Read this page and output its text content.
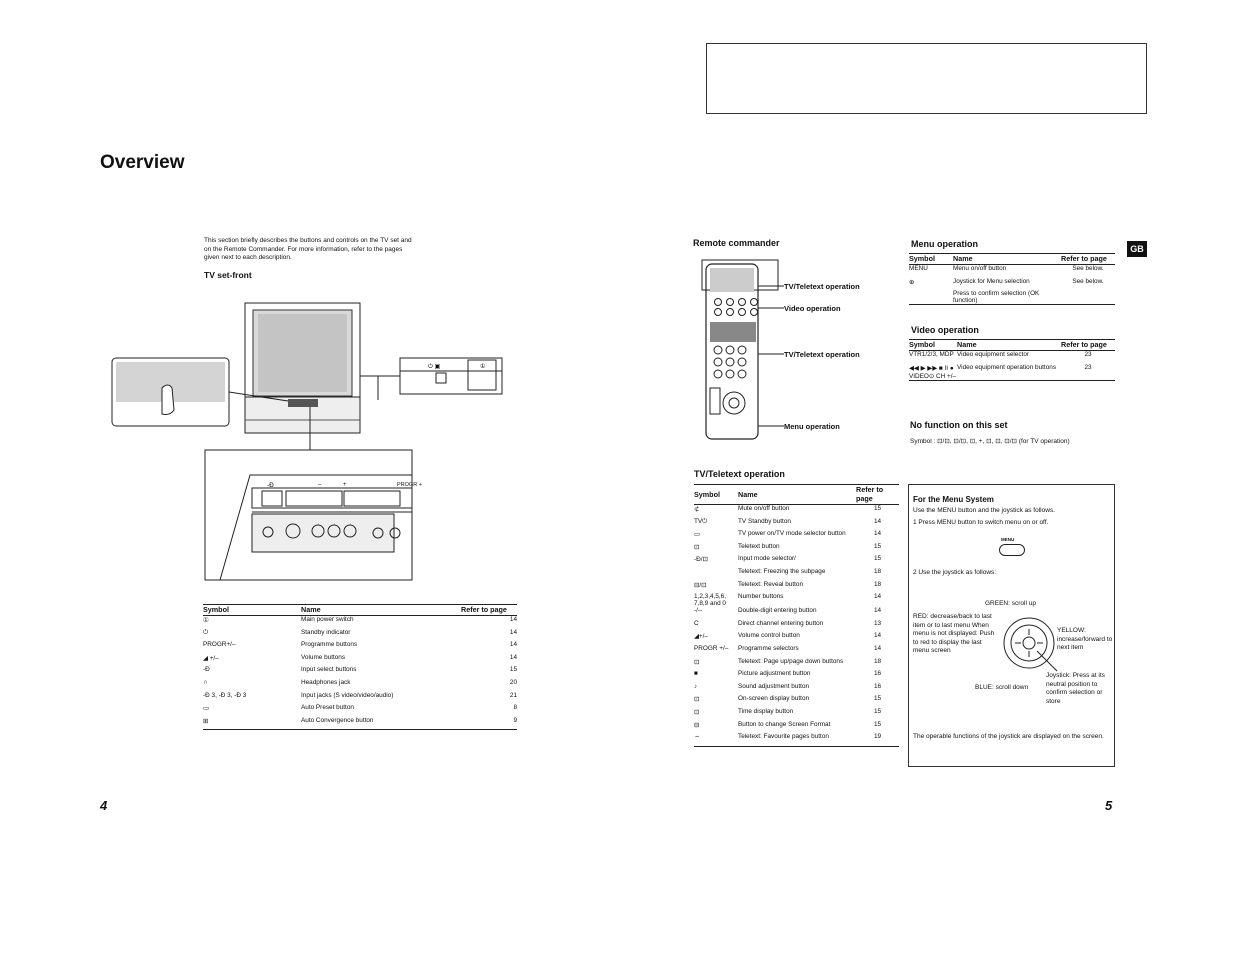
Overview
This section briefly describes the buttons and controls on the TV set and on the Remote Commander. For more information, refer to the pages given next to each description.
TV set-front
⏻ ▣	①
-Ð	PROGR +
–	+
Symbol	Name	Refer to page
①	Main power switch	14
⏻	Standby indicator	14
PROGR+/–	Programme buttons	14
◢ +/–	Volume buttons	14
-Ð	Input select buttons	15
∩	Headphones jack	20
-Ð 3, -Ð 3, -Ð 3	Input jacks (S video/video/audio)	21
▭	Auto Preset button	8
⊞	Auto Convergence button	9
4
Remote commander
TV/Teletext operation
Video operation
TV/Teletext operation
Menu operation
GB
Menu operation
Symbol	Name	Refer to page
MENU	Menu on/off button	See below.
⊕	Joystick for Menu selection	See below.
	Press to confirm selection (OK function)	
Video operation
Symbol	Name	Refer to page
VTR1/2/3, MDP	Video equipment selector	23
◀◀ ▶ ▶▶ ■ II ● VIDEO⊙ CH +/–	Video equipment operation buttons	23
No function on this set
Symbol : ⊡/⊡, ⊡/⊡, ⊡, +, ⊡, ⊡, ⊡/⊡ (for TV operation)
TV/Teletext operation
Symbol	Name	Refer to page
⊄	Mute on/off button	15
TV⏻	TV Standby button	14
▭	TV power on/TV mode selector button	14
⊡	Teletext button	15
-Ð/⊡	Input mode selector/	15
	Teletext: Freezing the subpage	18
⊟/⊡	Teletext: Reveal button	18
1,2,3,4,5,6, 7,8,9 and 0	Number buttons	14
-/--	Double-digit entering button	14
C	Direct channel entering button	13
◢+/–	Volume control button	14
PROGR +/–	Programme selectors	14
⊡	Teletext: Page up/page down buttons	18
■	Picture adjustment button	16
♪	Sound adjustment button	16
⊡	On-screen display button	15
⊡	Time display button	15
⊟	Button to change Screen Format	15
⇔	Teletext: Favourite pages button	19
For the Menu System
Use the MENU button and the joystick as follows.
1 Press MENU button to switch menu on or off.
MENU
2 Use the joystick as follows:
GREEN: scroll up
RED: decrease/back to last item or to last menu When menu is not displayed: Push to red to display the last menu screen
YELLOW: increase/forward to next item
BLUE: scroll down
Joystick: Press at its neutral position to confirm selection or store
The operable functions of the joystick are displayed on the screen.
5
